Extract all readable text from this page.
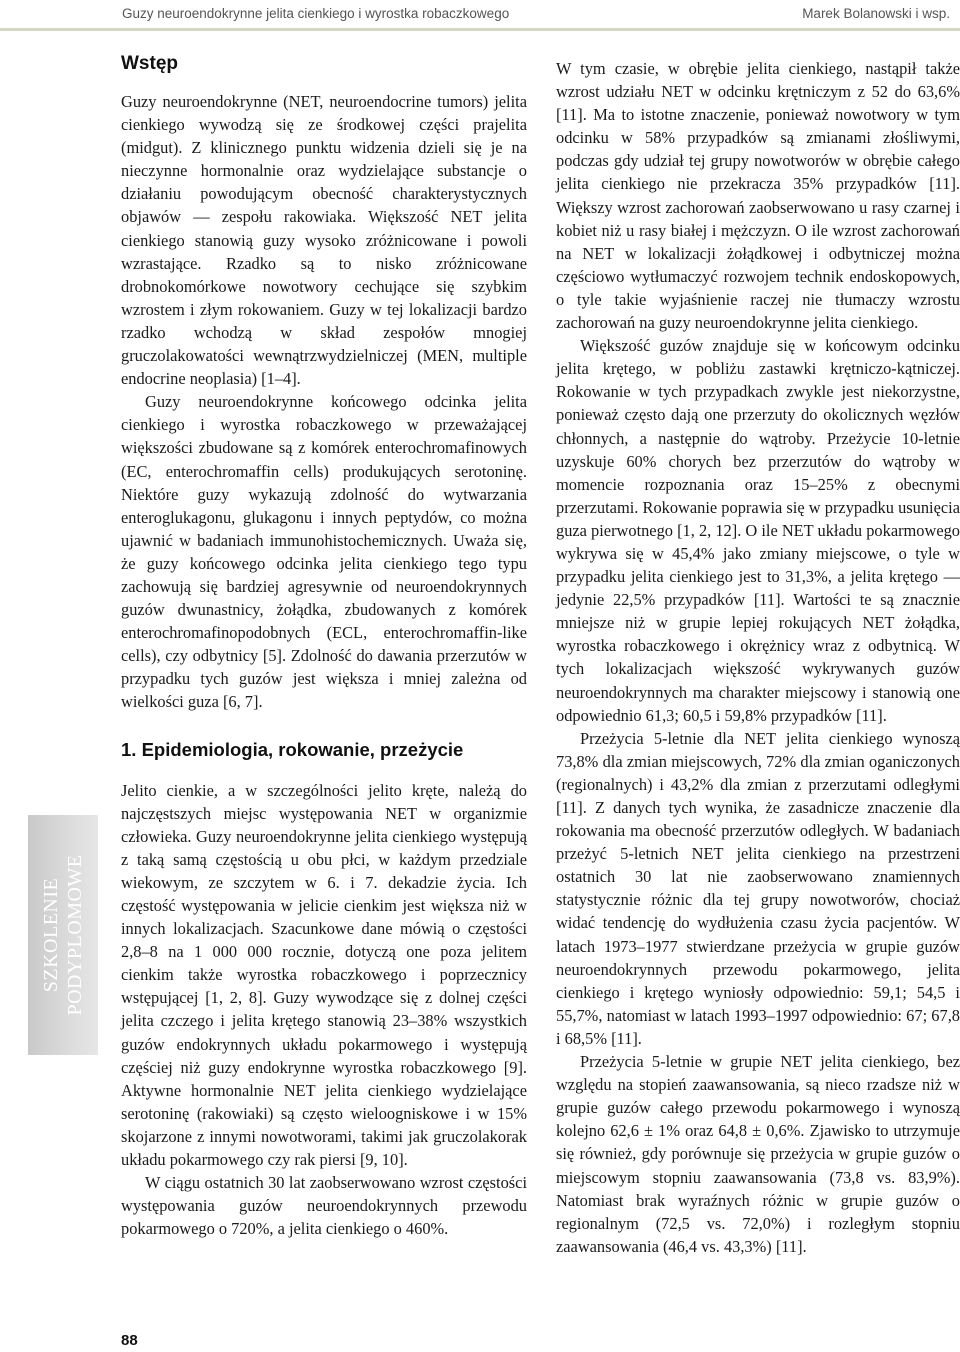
Guzy neuroendokrynne jelita cienkiego i wyrostka robaczkowego	Marek Bolanowski i wsp.
SZKOLENIE PODYPLOMOWE
Wstęp

Guzy neuroendokrynne (NET, neuroendocrine tumors) jelita cienkiego wywodzą się ze środkowej części prajelita (midgut). Z klinicznego punktu widzenia dzieli się je na nieczynne hormonalnie oraz wydzielające substancje o działaniu powodującym obecność charakterystycznych objawów — zespołu rakowiaka. Większość NET jelita cienkiego stanowią guzy wysoko zróżnicowane i powoli wzrastające. Rzadko są to nisko zróżnicowane drobnokomórkowe nowotwory cechujące się szybkim wzrostem i złym rokowaniem. Guzy w tej lokalizacji bardzo rzadko wchodzą w skład zespołów mnogiej gruczolakowatości wewnątrzwydzielniczej (MEN, multiple endocrine neoplasia) [1–4].

Guzy neuroendokrynne końcowego odcinka jelita cienkiego i wyrostka robaczkowego w przeważającej większości zbudowane są z komórek enterochromafinowych (EC, enterochromaffin cells) produkujących serotoninę. Niektóre guzy wykazują zdolność do wytwarzania enteroglukagonu, glukagonu i innych peptydów, co można ujawnić w badaniach immunohistochemicznych. Uważa się, że guzy końcowego odcinka jelita cienkiego tego typu zachowują się bardziej agresywnie od neuroendokrynnych guzów dwunastnicy, żołądka, zbudowanych z komórek enterochromafinopodobnych (ECL, enterochromaffin-like cells), czy odbytnicy [5]. Zdolność do dawania przerzutów w przypadku tych guzów jest większa i mniej zależna od wielkości guza [6, 7].

1. Epidemiologia, rokowanie, przeżycie

Jelito cienkie, a w szczególności jelito kręte, należą do najczęstszych miejsc występowania NET w organizmie człowieka. Guzy neuroendokrynne jelita cienkiego występują z taką samą częstością u obu płci, w każdym przedziale wiekowym, ze szczytem w 6. i 7. dekadzie życia. Ich częstość występowania w jelicie cienkim jest większa niż w innych lokalizacjach. Szacunkowe dane mówią o częstości 2,8–8 na 1 000 000 rocznie, dotyczą one poza jelitem cienkim także wyrostka robaczkowego i poprzecznicy wstępującej [1, 2, 8]. Guzy wywodzące się z dolnej części jelita czczego i jelita krętego stanowią 23–38% wszystkich guzów endokrynnych układu pokarmowego i występują częściej niż guzy endokrynne wyrostka robaczkowego [9]. Aktywne hormonalnie NET jelita cienkiego wydzielające serotoninę (rakowiaki) są często wieloogniskowe i w 15% skojarzone z innymi nowotworami, takimi jak gruczolakorak układu pokarmowego czy rak piersi [9, 10].

W ciągu ostatnich 30 lat zaobserwowano wzrost częstości występowania guzów neuroendokrynnych przewodu pokarmowego o 720%, a jelita cienkiego o 460%.

W tym czasie, w obrębie jelita cienkiego, nastąpił także wzrost udziału NET w odcinku krętniczym z 52 do 63,6% [11]. Ma to istotne znaczenie, ponieważ nowotwory w tym odcinku w 58% przypadków są zmianami złośliwymi, podczas gdy udział tej grupy nowotworów w obrębie całego jelita cienkiego nie przekracza 35% przypadków [11]. Większy wzrost zachorowań zaobserwowano u rasy czarnej i kobiet niż u rasy białej i mężczyzn. O ile wzrost zachorowań na NET w lokalizacji żołądkowej i odbytniczej można częściowo wytłumaczyć rozwojem technik endoskopowych, o tyle takie wyjaśnienie raczej nie tłumaczy wzrostu zachorowań na guzy neuroendokrynne jelita cienkiego.

Większość guzów znajduje się w końcowym odcinku jelita krętego, w pobliżu zastawki krętniczo-kątniczej. Rokowanie w tych przypadkach zwykle jest niekorzystne, ponieważ często dają one przerzuty do okolicznych węzłów chłonnych, a następnie do wątroby. Przeżycie 10-letnie uzyskuje 60% chorych bez przerzutów do wątroby w momencie rozpoznania oraz 15–25% z obecnymi przerzutami. Rokowanie poprawia się w przypadku usunięcia guza pierwotnego [1, 2, 12]. O ile NET układu pokarmowego wykrywa się w 45,4% jako zmiany miejscowe, o tyle w przypadku jelita cienkiego jest to 31,3%, a jelita krętego — jedynie 22,5% przypadków [11]. Wartości te są znacznie mniejsze niż w grupie lepiej rokujących NET żołądka, wyrostka robaczkowego i okrężnicy wraz z odbytnicą. W tych lokalizacjach większość wykrywanych guzów neuroendokrynnych ma charakter miejscowy i stanowią one odpowiednio 61,3; 60,5 i 59,8% przypadków [11].

Przeżycia 5-letnie dla NET jelita cienkiego wynoszą 73,8% dla zmian miejscowych, 72% dla zmian oganiczonych (regionalnych) i 43,2% dla zmian z przerzutami odległymi [11]. Z danych tych wynika, że zasadnicze znaczenie dla rokowania ma obecność przerzutów odległych. W badaniach przeżyć 5-letnich NET jelita cienkiego na przestrzeni ostatnich 30 lat nie zaobserwowano znamiennych statystycznie różnic dla tej grupy nowotworów, chociaż widać tendencję do wydłużenia czasu życia pacjentów. W latach 1973–1977 stwierdzane przeżycia w grupie guzów neuroendokrynnych przewodu pokarmowego, jelita cienkiego i krętego wyniosły odpowiednio: 59,1; 54,5 i 55,7%, natomiast w latach 1993–1997 odpowiednio: 67; 67,8 i 68,5% [11].

Przeżycia 5-letnie w grupie NET jelita cienkiego, bez względu na stopień zaawansowania, są nieco rzadsze niż w grupie guzów całego przewodu pokarmowego i wynoszą kolejno 62,6 ± 1% oraz 64,8 ± 0,6%. Zjawisko to utrzymuje się również, gdy porównuje się przeżycia w grupie guzów o miejscowym stopniu zaawansowania (73,8 vs. 83,9%). Natomiast brak wyraźnych różnic w grupie guzów o regionalnym (72,5 vs. 72,0%) i rozległym stopniu zaawansowania (46,4 vs. 43,3%) [11].

88
